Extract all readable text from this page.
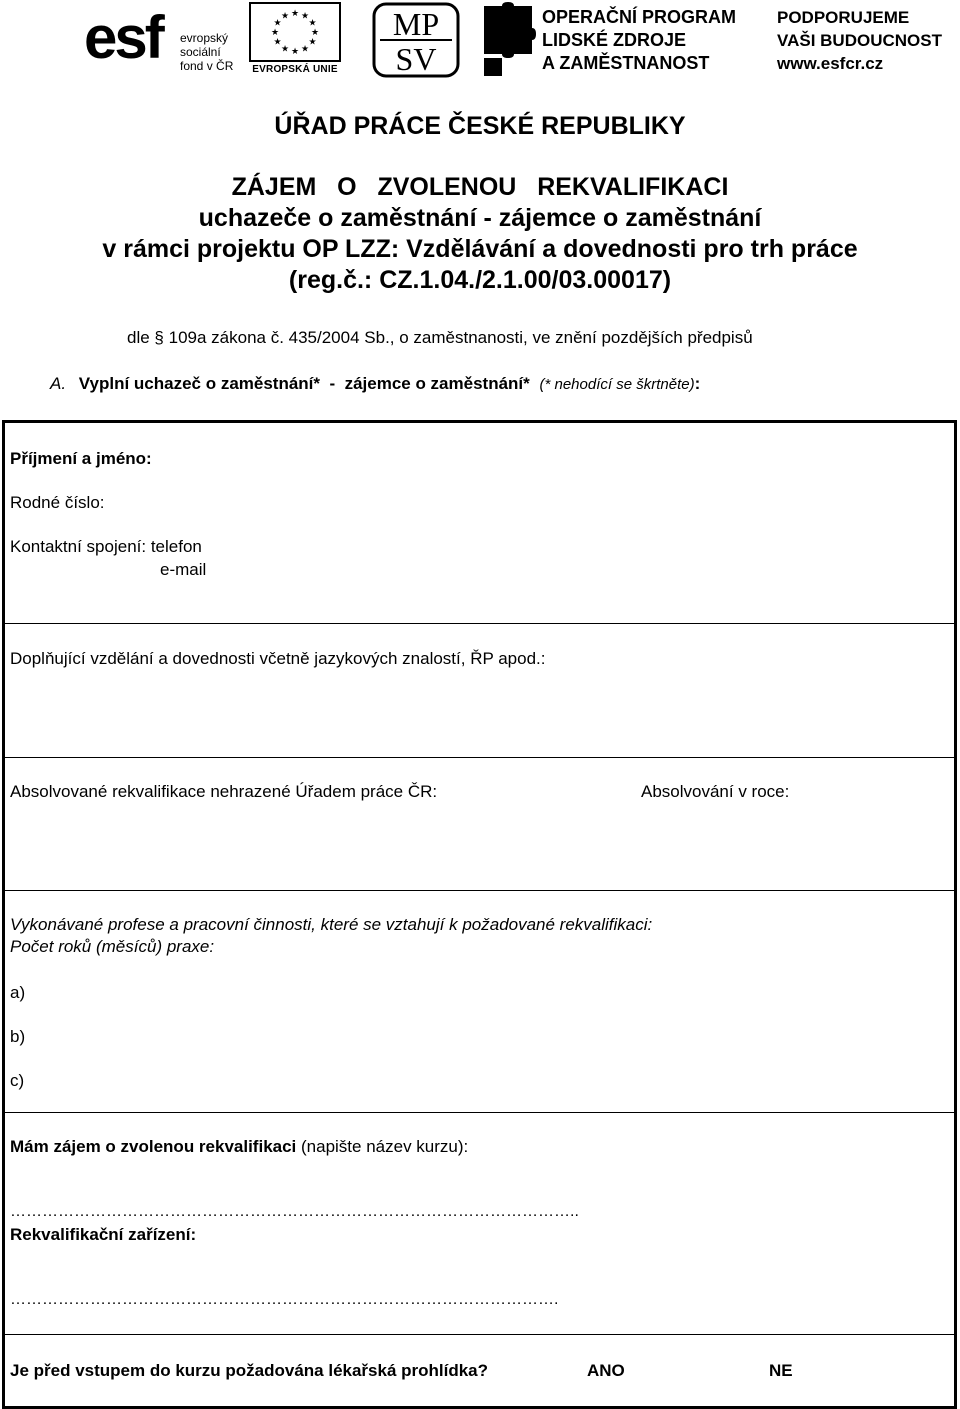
esf evropský
sociální
fond v ČR
★ ★
★
★
★
★
★
★
★
★
★
★
EVROPSKÁ UNIE
MP
SV
OPERAČNÍ PROGRAM
LIDSKÉ ZDROJE
A ZAMĚSTNANOST
PODPORUJEME
VAŠI BUDOUCNOST
www.esfcr.cz
ÚŘAD PRÁCE ČESKÉ REPUBLIKY
ZÁJEM   O   ZVOLENOU   REKVALIFIKACI
uchazeče o zaměstnání - zájemce o zaměstnání
v rámci projektu OP LZZ: Vzdělávání a dovednosti pro trh práce
(reg.č.: CZ.1.04./2.1.00/03.00017)
dle § 109a zákona č. 435/2004 Sb., o zaměstnanosti, ve znění pozdějších předpisů
A. Vyplní uchazeč o zaměstnání*  -  zájemce o zaměstnání* (* nehodící se škrtněte):
Příjmení a jméno:
Rodné číslo:
Kontaktní spojení: telefon
e-mail
Doplňující vzdělání a dovednosti včetně jazykových znalostí, ŘP apod.:
Absolvované rekvalifikace nehrazené Úřadem práce ČR:	Absolvování v roce:
Vykonávané profese a pracovní činnosti, které se vztahují k požadované rekvalifikaci:
Počet roků (měsíců) praxe:
a)
b)
c)
Mám zájem o zvolenou rekvalifikaci (napište název kurzu):
……………………………………………………………………………………………..
Rekvalifikační zařízení:
………………………………………………………………………………………….
Je před vstupem do kurzu požadována lékařská prohlídka?	ANO	NE
